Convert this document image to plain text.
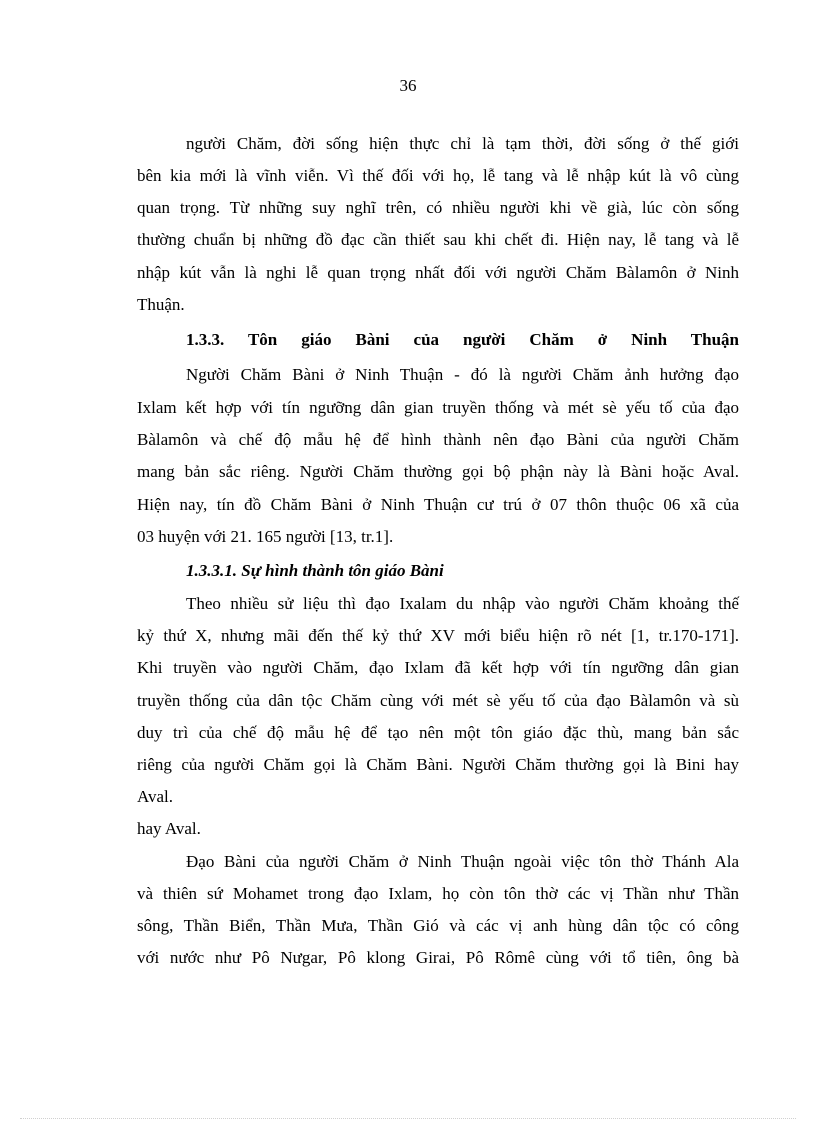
36
người Chăm, đời sống hiện thực chỉ là tạm thời, đời sống ở thế giới
bên kia mới là vĩnh viễn. Vì thế đối với họ, lễ tang và lễ nhập kút là vô cùng
quan trọng. Từ những suy nghĩ trên, có nhiều người khi về già, lúc còn sống
thường chuẩn bị những đồ đạc cần thiết sau khi chết đi. Hiện nay, lễ tang và lễ
nhập kút vẫn là nghi lễ quan trọng nhất đối với người Chăm Bàlamôn ở Ninh
Thuận.
1.3.3. Tôn giáo Bàni của người Chăm ở Ninh Thuận
Người Chăm Bàni ở Ninh Thuận - đó là người Chăm ảnh hưởng đạo
Ixlam kết hợp với tín ngưỡng dân gian truyền thống và mét sè yếu tố của đạo
Bàlamôn và chế độ mẫu hệ để hình thành nên đạo Bàni của người Chăm
mang bản sắc riêng. Người Chăm thường gọi bộ phận này là Bàni hoặc Aval.
Hiện nay, tín đồ Chăm Bàni ở Ninh Thuận cư trú ở 07 thôn thuộc 06 xã của
03 huyện với 21. 165 người [13, tr.1].
1.3.3.1. Sự hình thành tôn giáo Bàni
Theo nhiều sử liệu thì đạo Ixalam du nhập vào người Chăm khoảng thế
kỷ thứ X, nhưng mãi đến thế kỷ thứ XV mới biểu hiện rõ nét [1, tr.170-171].
Khi truyền vào người Chăm, đạo Ixlam đã kết hợp với tín ngưỡng dân gian
truyền thống của dân tộc Chăm cùng với mét sè yếu tố của đạo Bàlamôn và sù
duy trì của chế độ mẫu hệ để tạo nên một tôn giáo đặc thù, mang bản sắc
riêng của người Chăm gọi là Chăm Bàni. Người Chăm thường gọi là Bini hay
Aval.
hay Aval.
Đạo Bàni của người Chăm ở Ninh Thuận ngoài việc tôn thờ Thánh Ala
và thiên sứ Mohamet trong đạo Ixlam, họ còn tôn thờ các vị Thần như Thần
sông, Thần Biển, Thần Mưa, Thần Gió và các vị anh hùng dân tộc có công
với nước như Pô Nưgar, Pô klong Girai, Pô Rômê cùng với tổ tiên, ông bà
